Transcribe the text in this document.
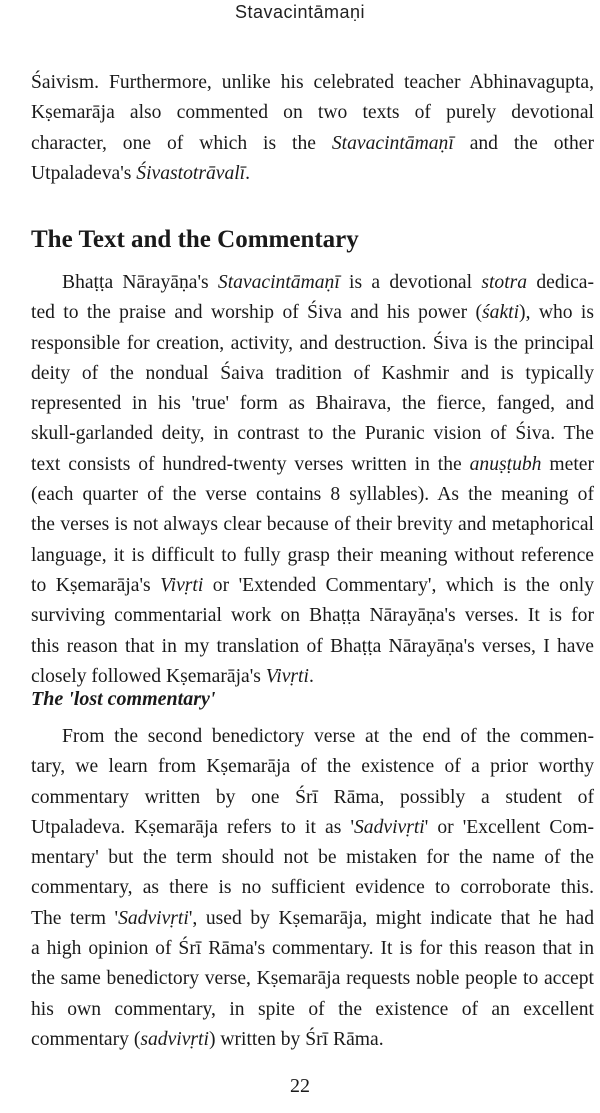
Stavacintāmaṇi
Śaivism. Furthermore, unlike his celebrated teacher Abhinavagupta,
Kṣemarāja also commented on two texts of purely devotional
character, one of which is the Stavacintāmaṇī and the other
Utpaladeva's Śivastotrāvalī.
The Text and the Commentary
Bhaṭṭa Nārayāṇa's Stavacintāmaṇī is a devotional stotra dedica-
ted to the praise and worship of Śiva and his power (śakti), who is
responsible for creation, activity, and destruction. Śiva is the principal
deity of the nondual Śaiva tradition of Kashmir and is typically
represented in his 'true' form as Bhairava, the fierce, fanged, and
skull-garlanded deity, in contrast to the Puranic vision of Śiva. The
text consists of hundred-twenty verses written in the anuṣṭubh meter
(each quarter of the verse contains 8 syllables). As the meaning of
the verses is not always clear because of their brevity and metaphorical
language, it is difficult to fully grasp their meaning without reference
to Kṣemarāja's Vivṛti or 'Extended Commentary', which is the only
surviving commentarial work on Bhaṭṭa Nārayāṇa's verses. It is for
this reason that in my translation of Bhaṭṭa Nārayāṇa's verses, I have
closely followed Kṣemarāja's Vivṛti.
The 'lost commentary'
From the second benedictory verse at the end of the commen-
tary, we learn from Kṣemarāja of the existence of a prior worthy
commentary written by one Śrī Rāma, possibly a student of
Utpaladeva. Kṣemarāja refers to it as 'Sadvivṛti' or 'Excellent Com-
mentary' but the term should not be mistaken for the name of the
commentary, as there is no sufficient evidence to corroborate this.
The term 'Sadvivṛti', used by Kṣemarāja, might indicate that he had
a high opinion of Śrī Rāma's commentary. It is for this reason that in
the same benedictory verse, Kṣemarāja requests noble people to accept
his own commentary, in spite of the existence of an excellent
commentary (sadvivṛti) written by Śrī Rāma.
22
